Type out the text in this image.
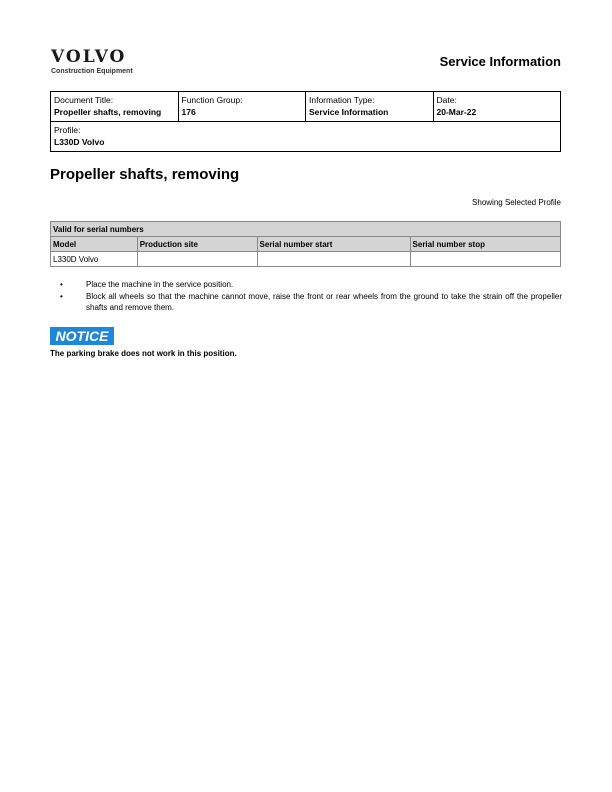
VOLVO
Construction Equipment
Service Information
Document Title:
Propeller shafts, removing

Function Group:
176

Information Type:
Service Information

Date:
20-Mar-22

Profile:
L330D Volvo
Propeller shafts, removing
Showing Selected Profile
Valid for serial numbers			
Model	Production site	Serial number start	Serial number stop
L330D Volvo			
•	Place the machine in the service position.
•	Block all wheels so that the machine cannot move, raise the front or rear wheels from the ground to take the strain off the propeller shafts and remove them.
NOTICE
The parking brake does not work in this position.
